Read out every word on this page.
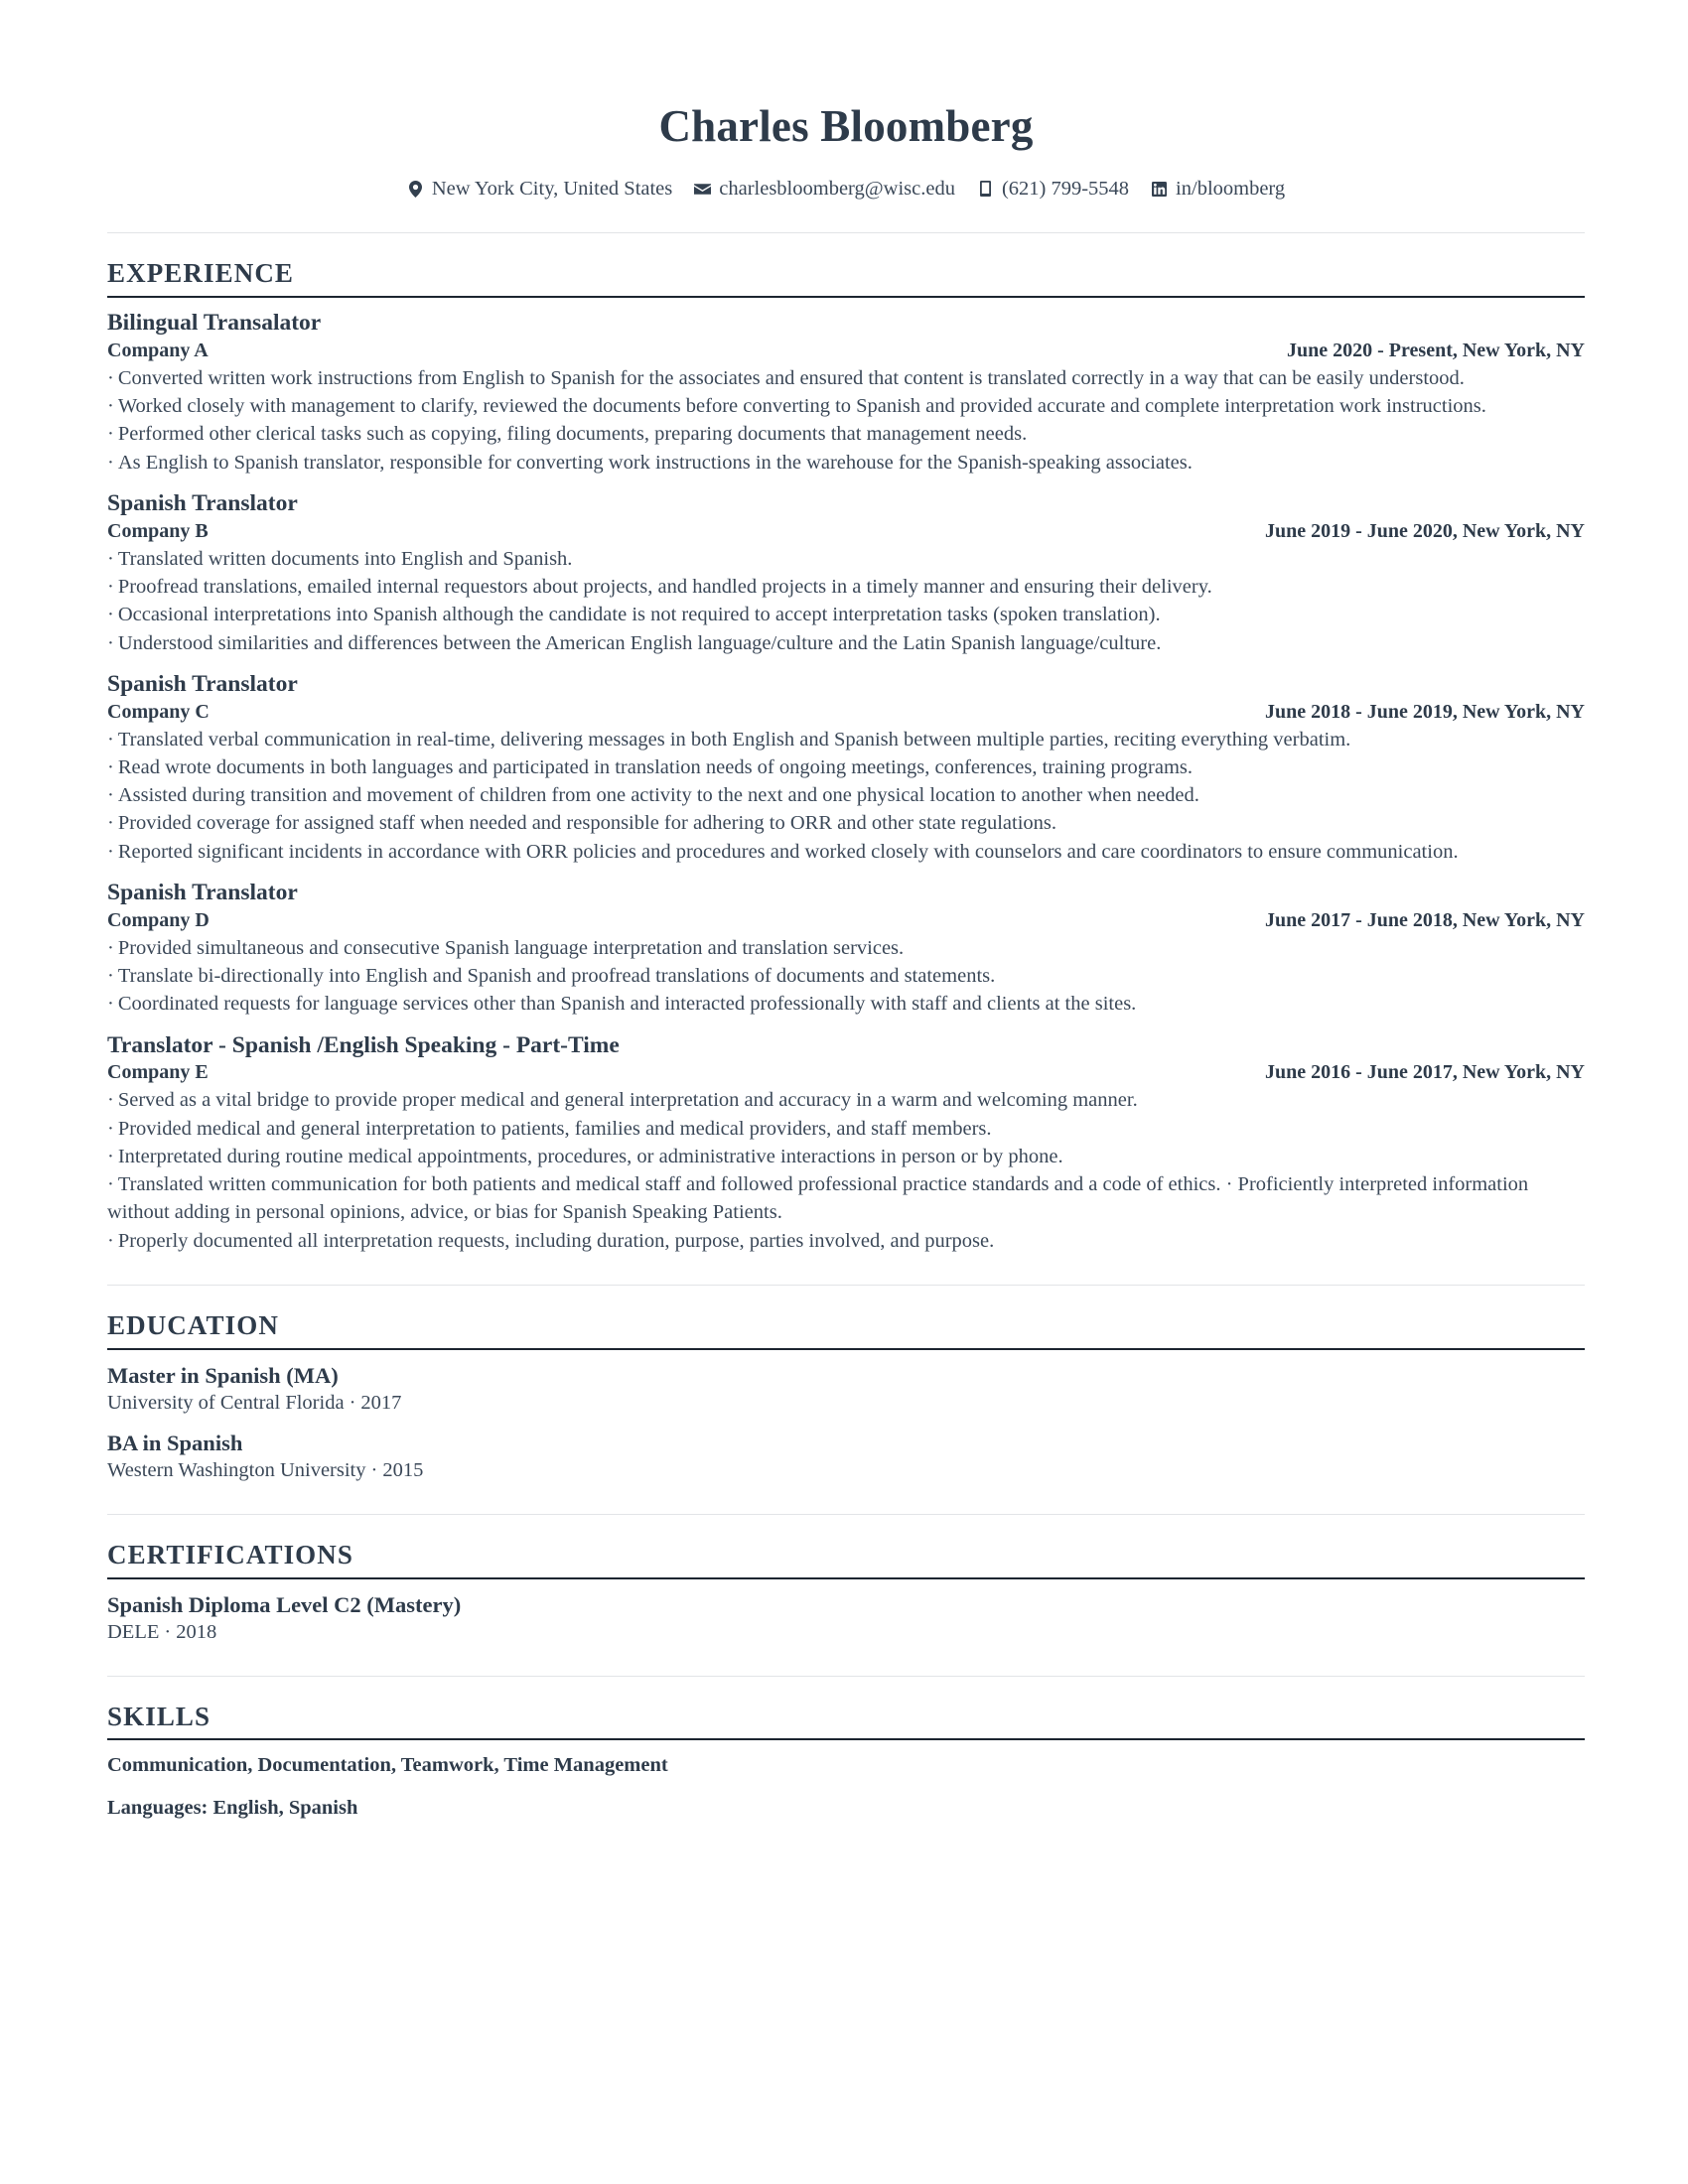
Charles Bloomberg
New York City, United States charlesbloomberg@wisc.edu (621) 799-5548 in/bloomberg
EXPERIENCE
Bilingual Transalator
Company A	June 2020 - Present, New York, NY

· Converted written work instructions from English to Spanish for the associates and ensured that content is translated correctly in a way that can be easily understood.

· Worked closely with management to clarify, reviewed the documents before converting to Spanish and provided accurate and complete interpretation work instructions.

· Performed other clerical tasks such as copying, filing documents, preparing documents that management needs.

· As English to Spanish translator, responsible for converting work instructions in the warehouse for the Spanish-speaking associates.

Spanish Translator
Company B	June 2019 - June 2020, New York, NY

· Translated written documents into English and Spanish.

· Proofread translations, emailed internal requestors about projects, and handled projects in a timely manner and ensuring their delivery.

· Occasional interpretations into Spanish although the candidate is not required to accept interpretation tasks (spoken translation).

· Understood similarities and differences between the American English language/culture and the Latin Spanish language/culture.

Spanish Translator
Company C	June 2018 - June 2019, New York, NY

· Translated verbal communication in real-time, delivering messages in both English and Spanish between multiple parties, reciting everything verbatim.

· Read wrote documents in both languages and participated in translation needs of ongoing meetings, conferences, training programs.

· Assisted during transition and movement of children from one activity to the next and one physical location to another when needed.

· Provided coverage for assigned staff when needed and responsible for adhering to ORR and other state regulations.

· Reported significant incidents in accordance with ORR policies and procedures and worked closely with counselors and care coordinators to ensure communication.

Spanish Translator
Company D	June 2017 - June 2018, New York, NY

· Provided simultaneous and consecutive Spanish language interpretation and translation services.

· Translate bi-directionally into English and Spanish and proofread translations of documents and statements.

· Coordinated requests for language services other than Spanish and interacted professionally with staff and clients at the sites.

Translator - Spanish /English Speaking - Part-Time
Company E	June 2016 - June 2017, New York, NY

· Served as a vital bridge to provide proper medical and general interpretation and accuracy in a warm and welcoming manner.

· Provided medical and general interpretation to patients, families and medical providers, and staff members.

· Interpretated during routine medical appointments, procedures, or administrative interactions in person or by phone.

· Translated written communication for both patients and medical staff and followed professional practice standards and a code of ethics. · Proficiently interpreted information without adding in personal opinions, advice, or bias for Spanish Speaking Patients.

· Properly documented all interpretation requests, including duration, purpose, parties involved, and purpose.

EDUCATION
Master in Spanish (MA)
University of Central Florida · 2017
BA in Spanish
Western Washington University · 2015
CERTIFICATIONS
Spanish Diploma Level C2 (Mastery)
DELE · 2018
SKILLS
Communication, Documentation, Teamwork, Time Management
Languages: English, Spanish
